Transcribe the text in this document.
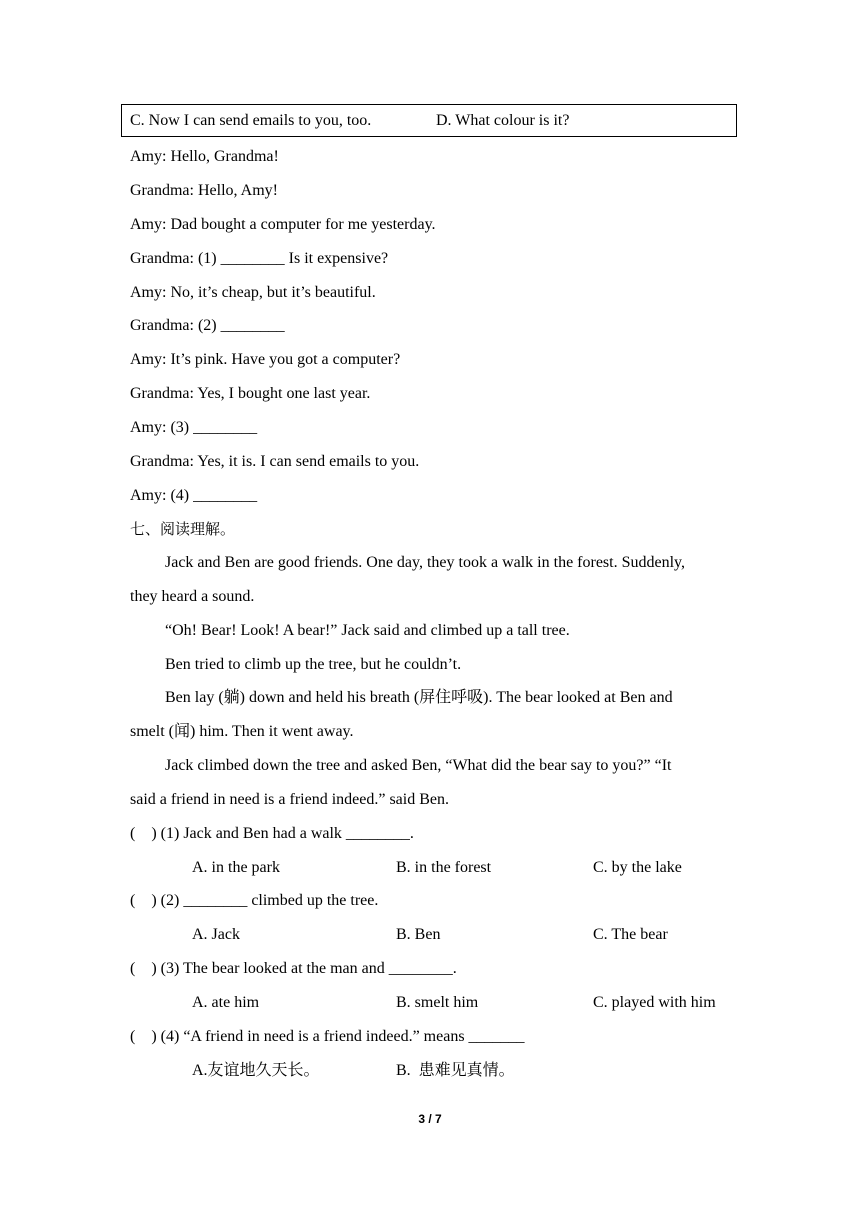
C. Now I can send emails to you, too.	D. What colour is it?
Amy: Hello, Grandma!
Grandma: Hello, Amy!
Amy: Dad bought a computer for me yesterday.
Grandma: (1) ________ Is it expensive?
Amy: No, it’s cheap, but it’s beautiful.
Grandma: (2) ________
Amy: It’s pink. Have you got a computer?
Grandma: Yes, I bought one last year.
Amy: (3) ________
Grandma: Yes, it is. I can send emails to you.
Amy: (4) ________
七、阅读理解。
Jack and Ben are good friends. One day, they took a walk in the forest. Suddenly,
they heard a sound.
“Oh! Bear! Look! A bear!” Jack said and climbed up a tall tree.
Ben tried to climb up the tree, but he couldn’t.
Ben lay (躺) down and held his breath (屏住呼吸). The bear looked at Ben and
smelt (闻) him. Then it went away.
Jack climbed down the tree and asked Ben, “What did the bear say to you?” “It
said a friend in need is a friend indeed.” said Ben.
(    ) (1) Jack and Ben had a walk ________.
A. in the park	B. in the forest	C. by the lake
(    ) (2) ________ climbed up the tree.
A. Jack	B. Ben	C. The bear
(    ) (3) The bear looked at the man and ________.
A. ate him	B. smelt him	C. played with him
(    ) (4) “A friend in need is a friend indeed.” means _______
A.友谊地久天长。	B.  患难见真情。
3 / 7
